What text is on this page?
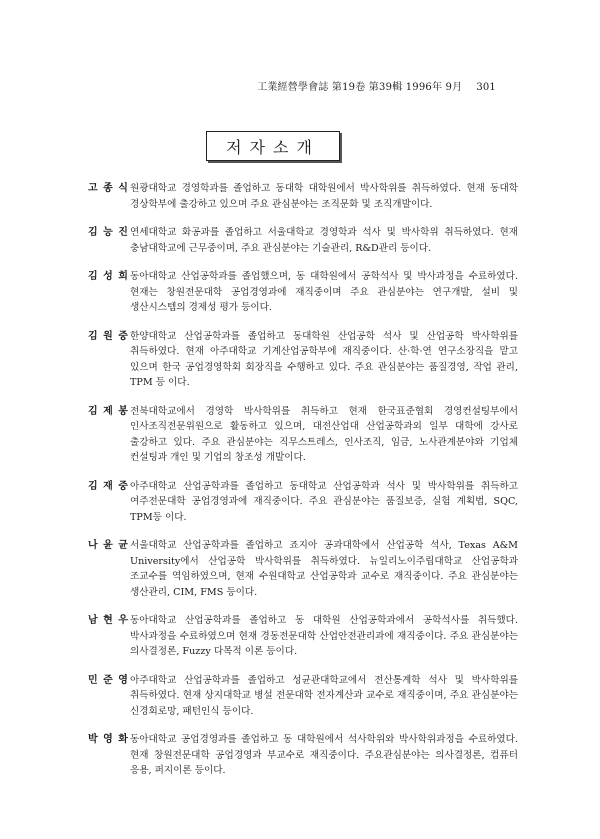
工業經營學會誌 第19卷 第39輯 1996年 9月 301
저자소개
고 종 식 원광대학교 경영학과를 졸업하고 동대학 대학원에서 박사학위를 취득하였다. 현재 동대학 경상학부에 출강하고 있으며 주요 관심분야는 조직문화 및 조직개발이다.
김 능 진 연세대학교 화공과를 졸업하고 서울대학교 경영학과 석사 및 박사학위 취득하였다. 현재 충남대학교에 근무중이며, 주요 관심분야는 기술관리, R&D관리 등이다.
김 성 희 동아대학교 산업공학과를 졸업했으며, 동 대학원에서 공학석사 및 박사과정을 수료하였다. 현재는 창원전문대학 공업경영과에 재직중이며 주요 관심분야는 연구개발, 설비 및 생산시스템의 경제성 평가 등이다.
김 원 중 한양대학교 산업공학과를 졸업하고 동대학원 산업공학 석사 및 산업공학 박사학위를 취득하였다. 현재 아주대학교 기계산업공학부에 재직중이다. 산·학·연 연구소장직을 맡고 있으며 한국 공업경영학회 회장직을 수행하고 있다. 주요 관심분야는 품질경영, 작업 관리, TPM 등 이다.
김 제 봉 전북대학교에서 경영학 박사학위를 취득하고 현재 한국표준협회 경영컨설팅부에서 인사조직전문위원으로 활동하고 있으며, 대전산업대 산업공학과외 일부 대학에 강사로 출강하고 있다. 주요 관심분야는 직무스트레스, 인사조직, 임금, 노사관계분야와 기업체 컨설팅과 개인 및 기업의 창조성 개발이다.
김 재 중 아주대학교 산업공학과를 졸업하고 동대학교 산업공학과 석사 및 박사학위를 취득하고 여주전문대학 공업경영과에 재직중이다. 주요 관심분야는 품질보증, 실험 계획법, SQC, TPM등 이다.
나 윤 균 서울대학교 산업공학과를 졸업하고 죠지아 공과대학에서 산업공학 석사, Texas A&M University에서 산업공학 박사학위를 취득하였다. 뉴일리노이주립대학교 산업공학과 조교수를 역임하였으며, 현재 수원대학교 산업공학과 교수로 재직중이다. 주요 관심분야는 생산관리, CIM, FMS 등이다.
남 현 우 동아대학교 산업공학과를 졸업하고 동 대학원 산업공학과에서 공학석사를 취득했다. 박사과정을 수료하였으며 현재 경동전문대학 산업안전관리과에 재직중이다. 주요 관심분야는 의사결정론, Fuzzy 다목적 이론 등이다.
민 준 영 아주대학교 산업공학과를 졸업하고 성균관대학교에서 전산통계학 석사 및 박사학위를 취득하였다. 현재 상지대학교 병설 전문대학 전자계산과 교수로 재직중이며, 주요 관심분야는 신경회로망, 패턴인식 등이다.
박 영 화 동아대학교 공업경영과를 졸업하고 동 대학원에서 석사학위와 박사학위과정을 수료하였다. 현재 창원전문대학 공업경영과 부교수로 재직중이다. 주요관심분야는 의사결정론, 컴퓨터 응용, 퍼지이론 등이다.
